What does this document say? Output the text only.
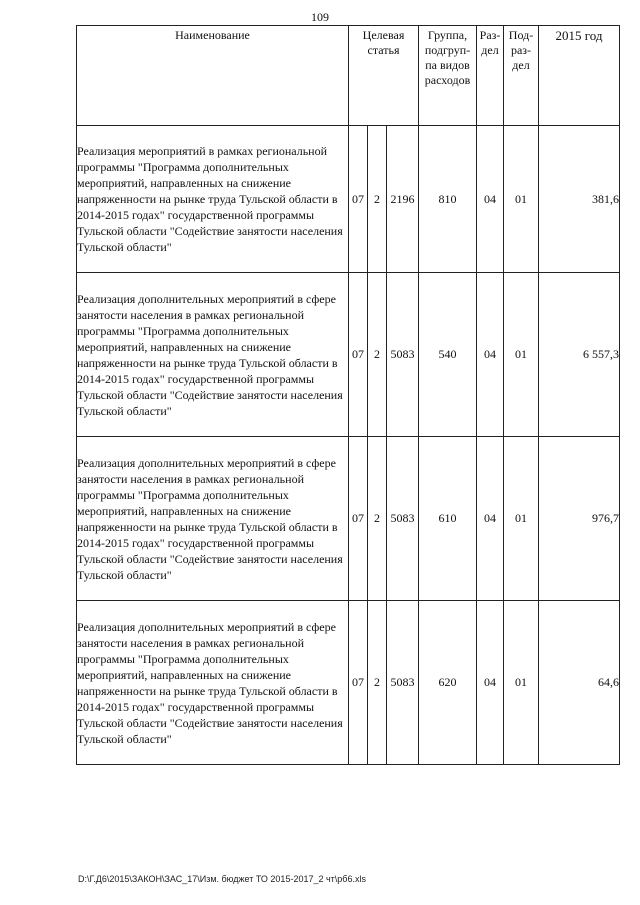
109
Наименование	Целевая статья			Группа, подгруп-па видов расходов	Раз-дел	Под-раз-дел	2015 год
Реализация мероприятий в рамках региональной программы "Программа дополнительных мероприятий, направленных на снижение напряженности на рынке труда Тульской области в 2014-2015 годах" государственной программы Тульской области "Содействие занятости населения Тульской области"	07	2	2196	810	04	01	381,6
Реализация дополнительных мероприятий в сфере занятости населения в рамках региональной программы "Программа дополнительных мероприятий, направленных на снижение напряженности на рынке труда Тульской области в 2014-2015 годах" государственной программы Тульской области "Содействие занятости населения Тульской области"	07	2	5083	540	04	01	6 557,3
Реализация дополнительных мероприятий в сфере занятости населения в рамках региональной программы "Программа дополнительных мероприятий, направленных на снижение напряженности на рынке труда Тульской области в 2014-2015 годах" государственной программы Тульской области "Содействие занятости населения Тульской области"	07	2	5083	610	04	01	976,7
Реализация дополнительных мероприятий в сфере занятости населения в рамках региональной программы "Программа дополнительных мероприятий, направленных на снижение напряженности на рынке труда Тульской области в 2014-2015 годах" государственной программы Тульской области "Содействие занятости населения Тульской области"	07	2	5083	620	04	01	64,6
D:\Г.Д6\2015\ЗАКОН\ЗАС_17\Изм. бюджет ТО 2015-2017_2 чт\рб6.xls
